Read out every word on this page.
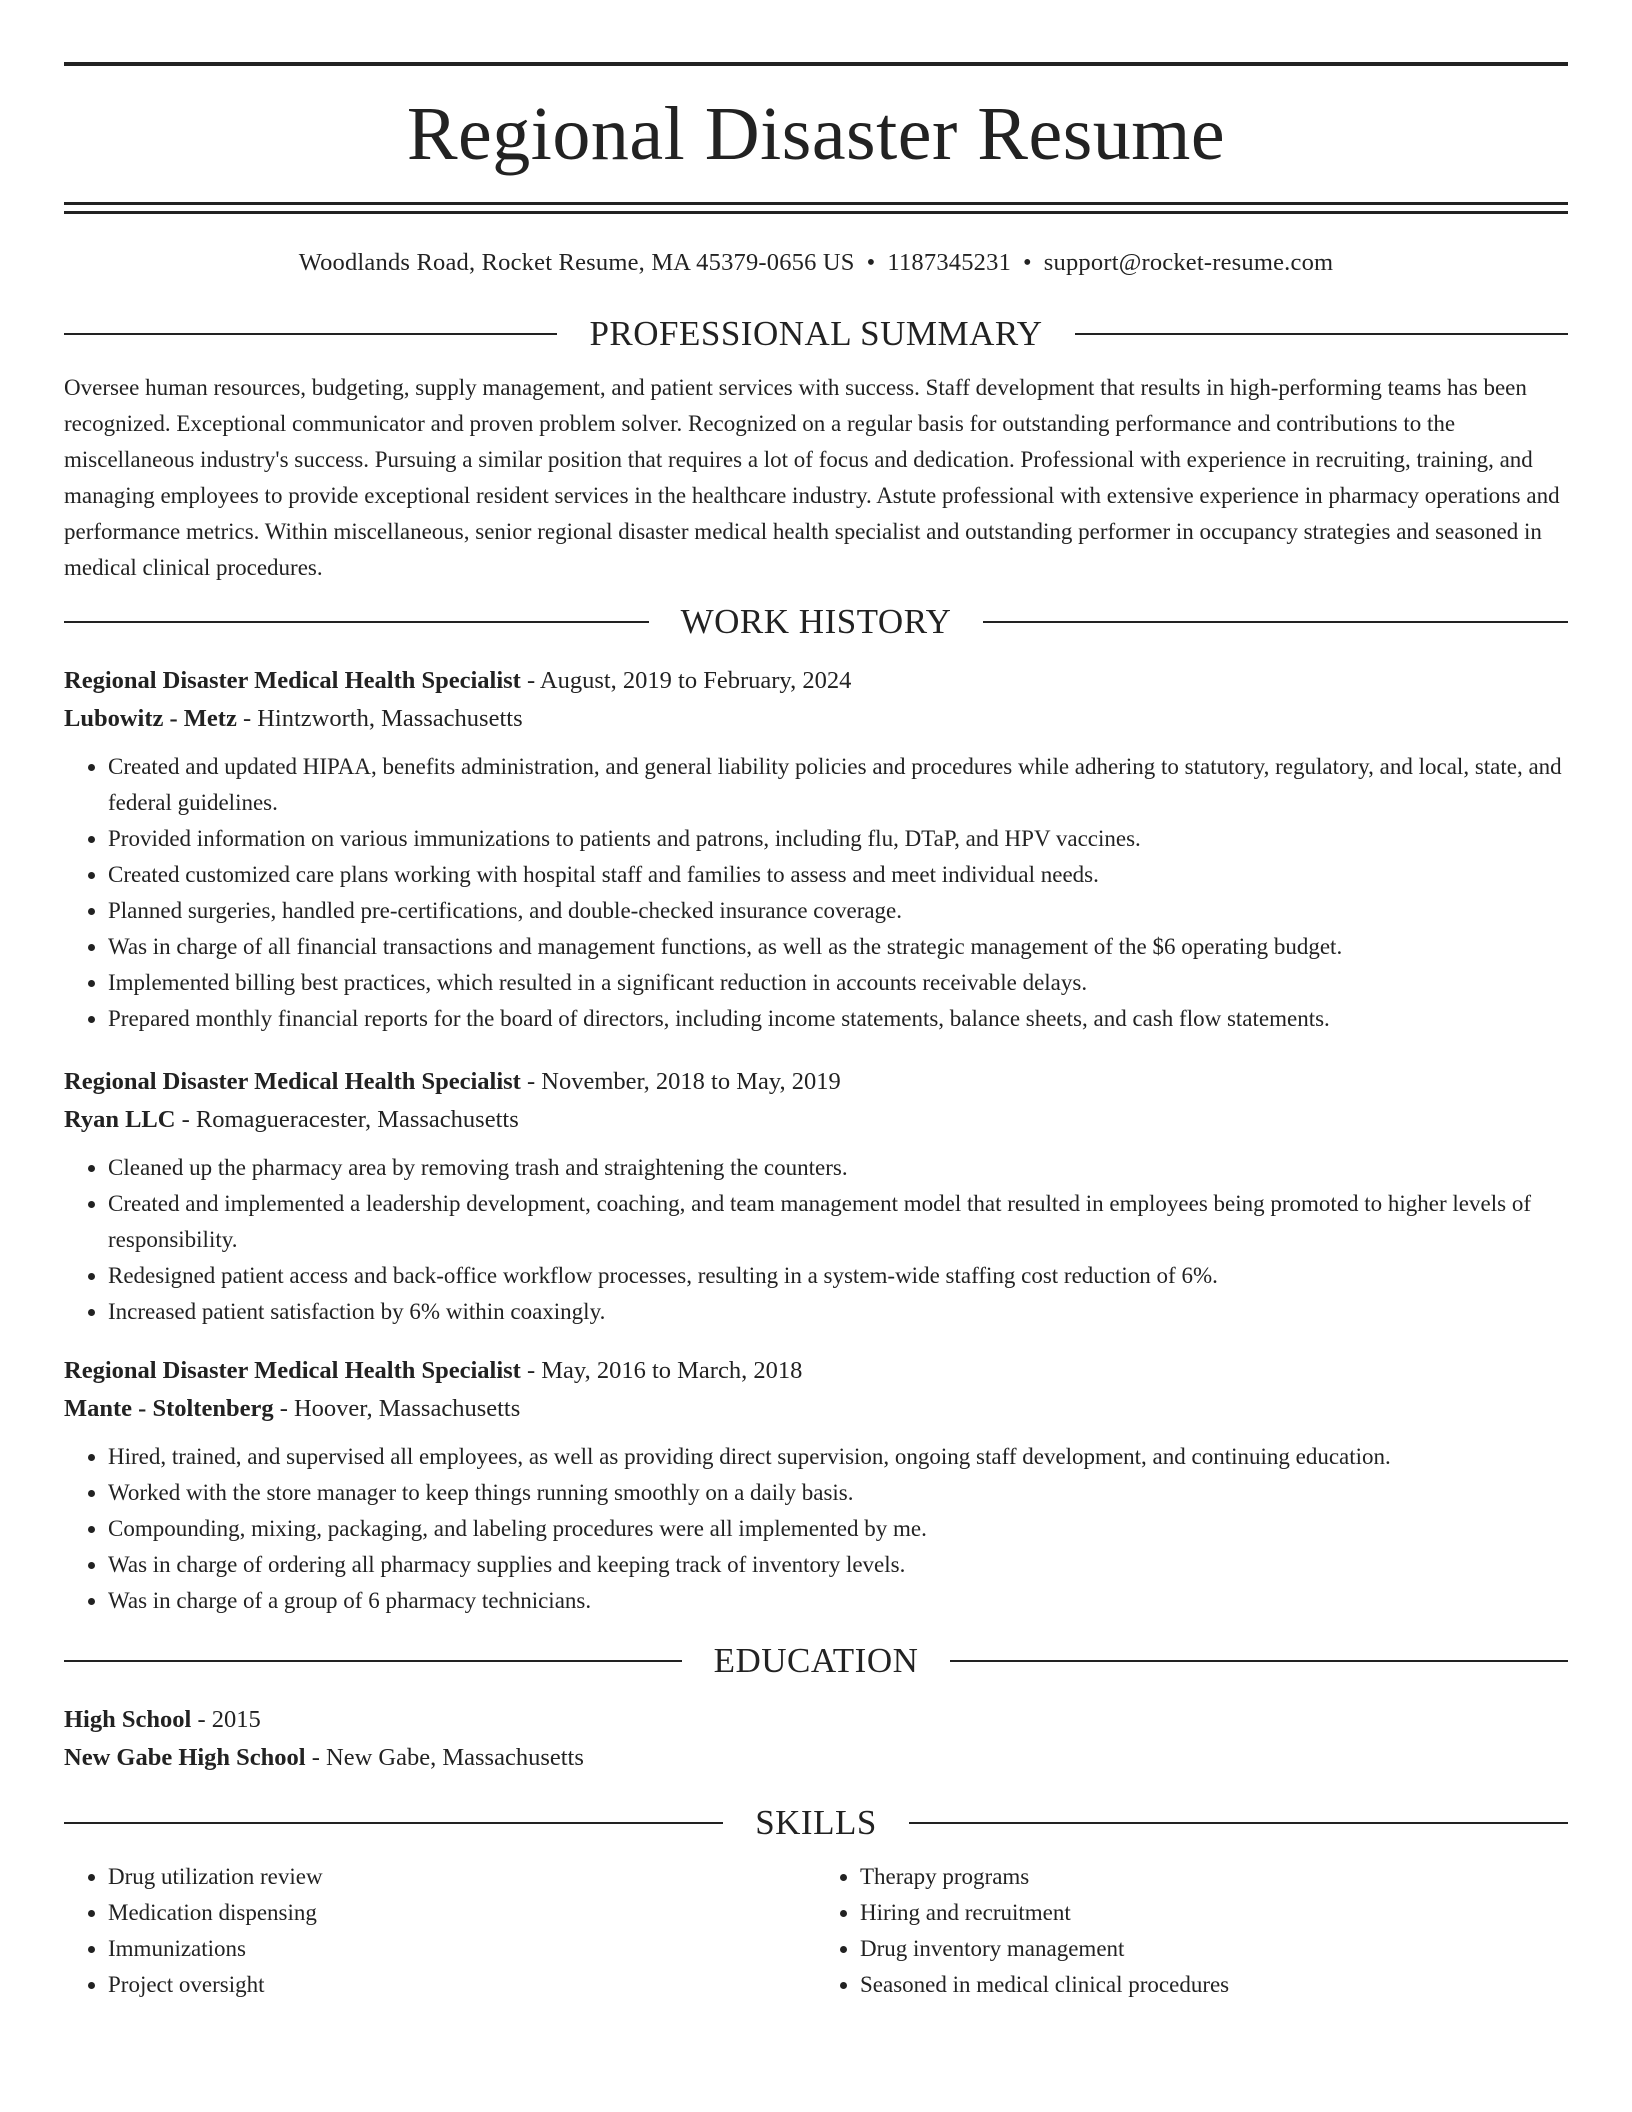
Regional Disaster Resume
Woodlands Road, Rocket Resume, MA 45379-0656 US • 1187345231 • support@rocket-resume.com
PROFESSIONAL SUMMARY

Oversee human resources, budgeting, supply management, and patient services with success. Staff development that results in high-performing teams has been recognized. Exceptional communicator and proven problem solver. Recognized on a regular basis for outstanding performance and contributions to the miscellaneous industry's success. Pursuing a similar position that requires a lot of focus and dedication. Professional with experience in recruiting, training, and managing employees to provide exceptional resident services in the healthcare industry. Astute professional with extensive experience in pharmacy operations and performance metrics. Within miscellaneous, senior regional disaster medical health specialist and outstanding performer in occupancy strategies and seasoned in medical clinical procedures.

WORK HISTORY
Regional Disaster Medical Health Specialist - August, 2019 to February, 2024
Lubowitz - Metz - Hintzworth, Massachusetts
• Created and updated HIPAA, benefits administration, and general liability policies and procedures while adhering to statutory, regulatory, and local, state, and federal guidelines.
• Provided information on various immunizations to patients and patrons, including flu, DTaP, and HPV vaccines.
• Created customized care plans working with hospital staff and families to assess and meet individual needs.
• Planned surgeries, handled pre-certifications, and double-checked insurance coverage.
• Was in charge of all financial transactions and management functions, as well as the strategic management of the $6 operating budget.
• Implemented billing best practices, which resulted in a significant reduction in accounts receivable delays.
• Prepared monthly financial reports for the board of directors, including income statements, balance sheets, and cash flow statements.
Regional Disaster Medical Health Specialist - November, 2018 to May, 2019
Ryan LLC - Romagueracester, Massachusetts
• Cleaned up the pharmacy area by removing trash and straightening the counters.
• Created and implemented a leadership development, coaching, and team management model that resulted in employees being promoted to higher levels of responsibility.
• Redesigned patient access and back-office workflow processes, resulting in a system-wide staffing cost reduction of 6%.
• Increased patient satisfaction by 6% within coaxingly.
Regional Disaster Medical Health Specialist - May, 2016 to March, 2018
Mante - Stoltenberg - Hoover, Massachusetts
• Hired, trained, and supervised all employees, as well as providing direct supervision, ongoing staff development, and continuing education.
• Worked with the store manager to keep things running smoothly on a daily basis.
• Compounding, mixing, packaging, and labeling procedures were all implemented by me.
• Was in charge of ordering all pharmacy supplies and keeping track of inventory levels.
• Was in charge of a group of 6 pharmacy technicians.
EDUCATION
High School - 2015
New Gabe High School - New Gabe, Massachusetts
SKILLS
• Drug utilization review
• Medication dispensing
• Immunizations
• Project oversight
• Therapy programs
• Hiring and recruitment
• Drug inventory management
• Seasoned in medical clinical procedures
